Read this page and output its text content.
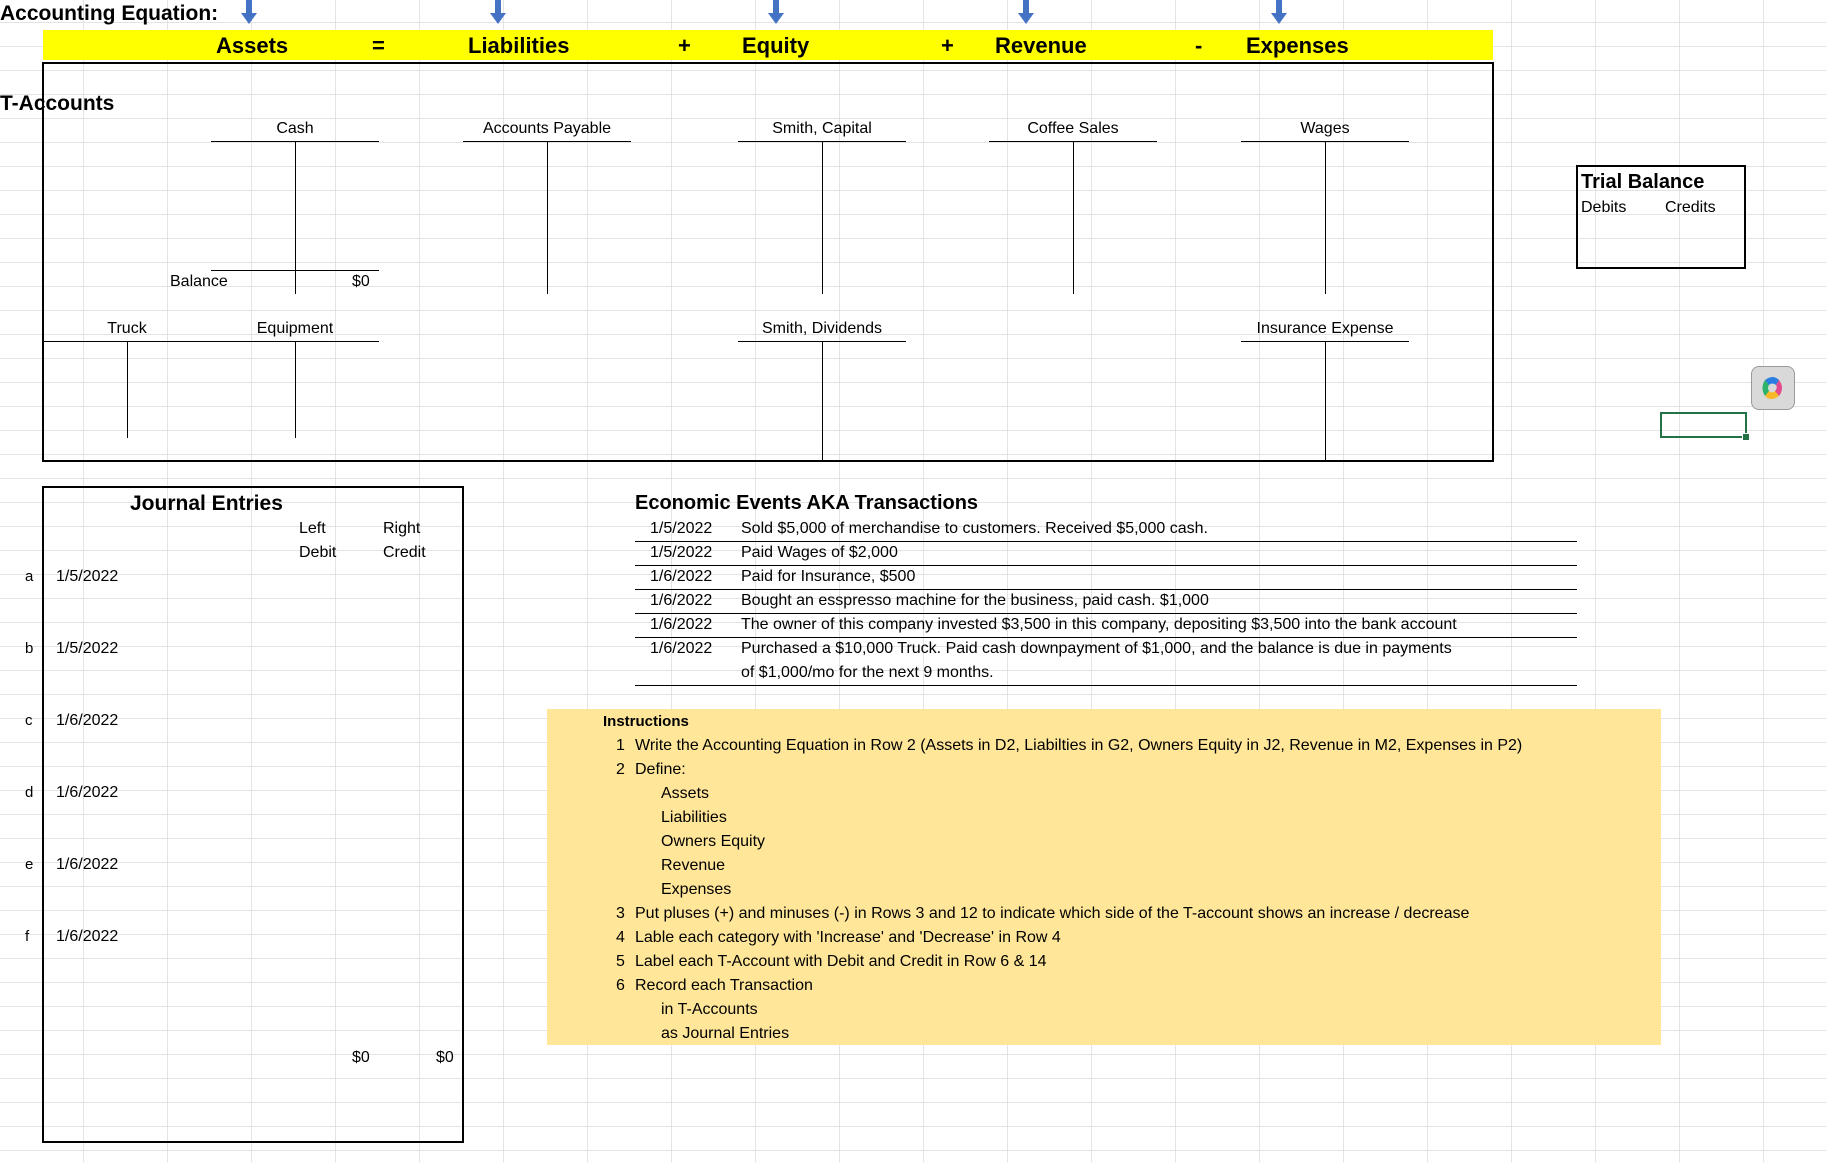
Accounting Equation:
Assets	=	Liabilities	+ Equity	+ Revenue	- Expenses
T-Accounts
Cash
Balance	$0
Accounts Payable	Smith, Capital	Coffee Sales	Wages
Truck	Equipment	Smith, Dividends	Insurance Expense
Trial Balance
Debits Credits
Journal Entries
Left	Right
Debit	Credit
a 1/5/2022
b 1/5/2022
c 1/6/2022
d 1/6/2022
e 1/6/2022
f 1/6/2022
$0	$0
Economic Events AKA Transactions
1/5/2022 Sold $5,000 of merchandise to customers. Received $5,000 cash.
1/5/2022 Paid Wages of $2,000
1/6/2022 Paid for Insurance, $500
1/6/2022 Bought an esspresso machine for the business, paid cash. $1,000
1/6/2022 The owner of this company invested $3,500 in this company, depositing $3,500 into the bank account
1/6/2022 Purchased a $10,000 Truck. Paid cash downpayment of $1,000, and the balance is due in payments
of $1,000/mo for the next 9 months.
Instructions
1 Write the Accounting Equation in Row 2 (Assets in D2, Liabilties in G2, Owners Equity in J2, Revenue in M2, Expenses in P2)
2 Define:
Assets
Liabilities
Owners Equity
Revenue
Expenses
3 Put pluses (+) and minuses (-) in Rows 3 and 12 to indicate which side of the T-account shows an increase / decrease
4 Lable each category with 'Increase' and 'Decrease' in Row 4
5 Label each T-Account with Debit and Credit in Row 6 & 14
6 Record each Transaction
in T-Accounts
as Journal Entries
